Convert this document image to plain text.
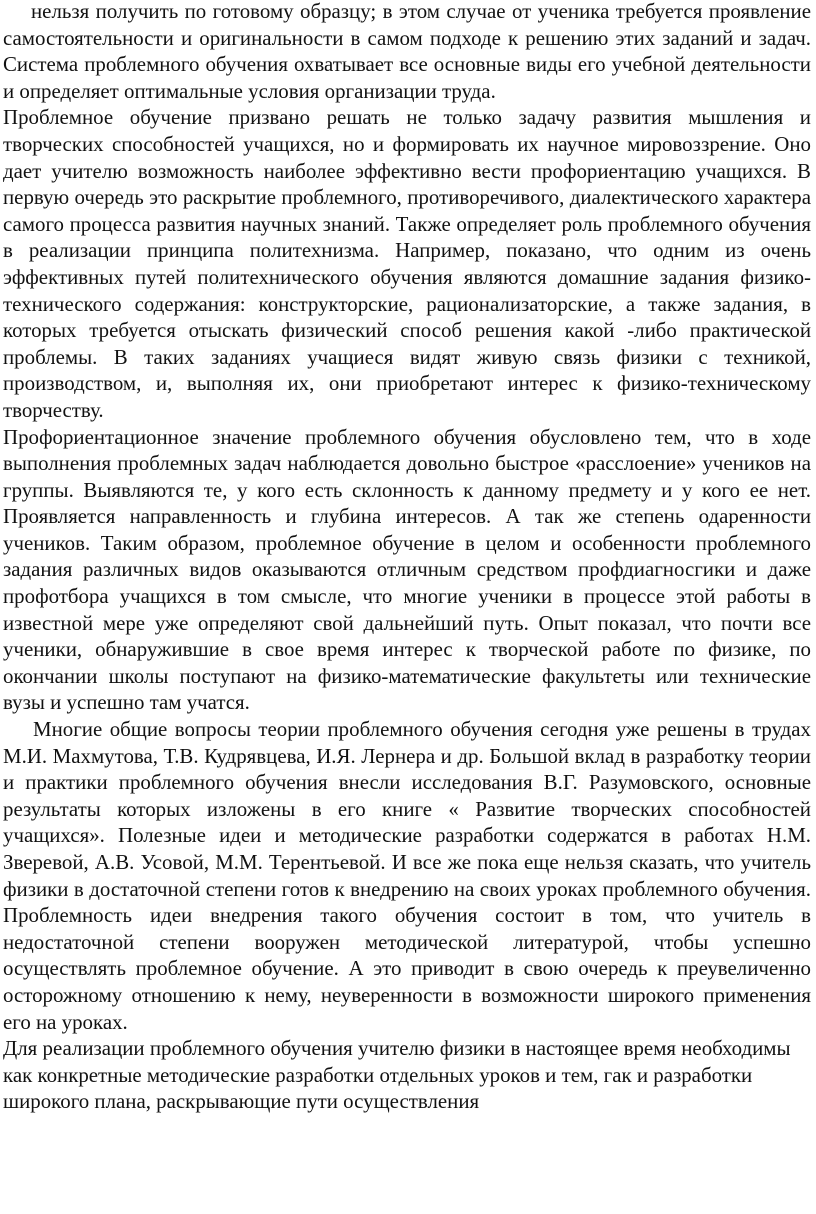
нельзя получить по готовому образцу; в этом случае от ученика требуется проявление самостоятельности и оригинальности в самом подходе к решению этих заданий и задач. Система проблемного обучения охватывает все основные виды его учебной деятельности и определяет оптимальные условия организации труда.

Проблемное обучение призвано решать не только задачу развития мышления и творческих способностей учащихся, но и формировать их научное мировоззрение. Оно дает учителю возможность наиболее эффективно вести профориентацию учащихся. В первую очередь это раскрытие проблемного, противоречивого, диалектического характера самого процесса развития научных знаний. Также определяет роль проблемного обучения в реализации принципа политехнизма. Например, показано, что одним из очень эффективных путей политехнического обучения являются домашние задания физико-технического содержания: конструкторские, рационализаторские, а также задания, в которых требуется отыскать физический способ решения какой -либо практической проблемы. В таких заданиях учащиеся видят живую связь физики с техникой, производством, и, выполняя их, они приобретают интерес к физико-техническому творчеству.

Профориентационное значение проблемного обучения обусловлено тем, что в ходе выполнения проблемных задач наблюдается довольно быстрое «расслоение» учеников на группы. Выявляются те, у кого есть склонность к данному предмету и у кого ее нет. Проявляется направленность и глубина интересов. А так же степень одаренности учеников. Таким образом, проблемное обучение в целом и особенности проблемного задания различных видов оказываются отличным средством профдиагносгики и даже профотбора учащихся в том смысле, что многие ученики в процессе этой работы в известной мере уже определяют свой дальнейший путь. Опыт показал, что почти все ученики, обнаружившие в свое время интерес к творческой работе по физике, по окончании школы поступают на физико-математические факультеты или технические вузы и успешно там учатся.

Многие общие вопросы теории проблемного обучения сегодня уже решены в трудах М.И. Махмутова, Т.В. Кудрявцева, И.Я. Лернера и др. Большой вклад в разработку теории и практики проблемного обучения внесли исследования В.Г. Разумовского, основные результаты которых изложены в его книге « Развитие творческих способностей учащихся». Полезные идеи и методические разработки содержатся в работах Н.М. Зверевой, А.В. Усовой, М.М. Терентьевой. И все же пока еще нельзя сказать, что учитель физики в достаточной степени готов к внедрению на своих уроках проблемного обучения. Проблемность идеи внедрения такого обучения состоит в том, что учитель в недостаточной степени вооружен методической литературой, чтобы успешно осуществлять проблемное обучение. А это приводит в свою очередь к преувеличенно осторожному отношению к нему, неуверенности в возможности широкого применения его на уроках.

Для реализации проблемного обучения учителю физики в настоящее время необходимы как конкретные методические разработки отдельных уроков и тем, гак и разработки широкого плана, раскрывающие пути осуществления
